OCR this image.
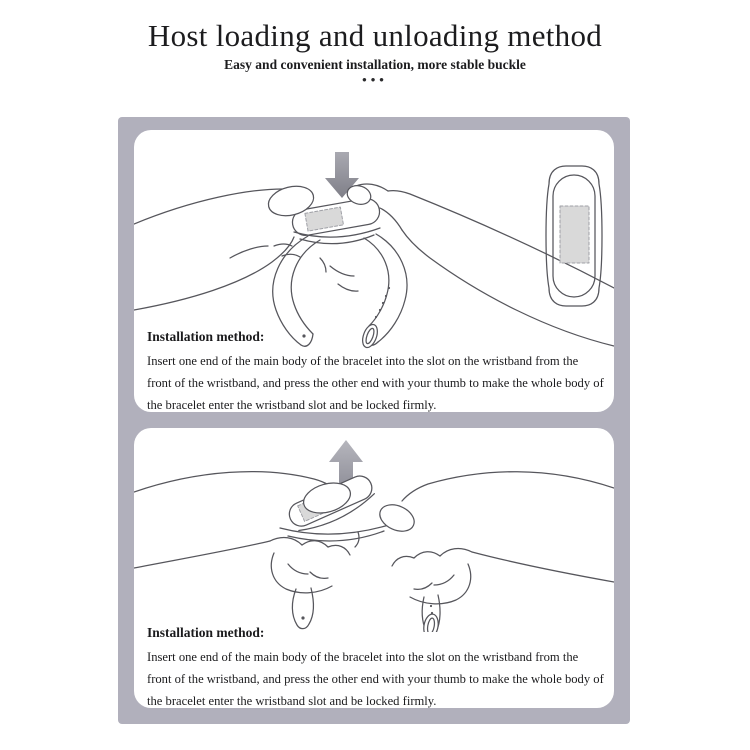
Host loading and unloading method
Easy and convenient installation, more stable buckle
•••
Installation method:

Insert one end of the main body of the bracelet into the slot on the wristband from the front of the wristband, and press the other end with your thumb to make the whole body of the bracelet enter the wristband slot and be locked firmly.

Installation method:

Insert one end of the main body of the bracelet into the slot on the wristband from the front of the wristband, and press the other end with your thumb to make the whole body of the bracelet enter the wristband slot and be locked firmly.
